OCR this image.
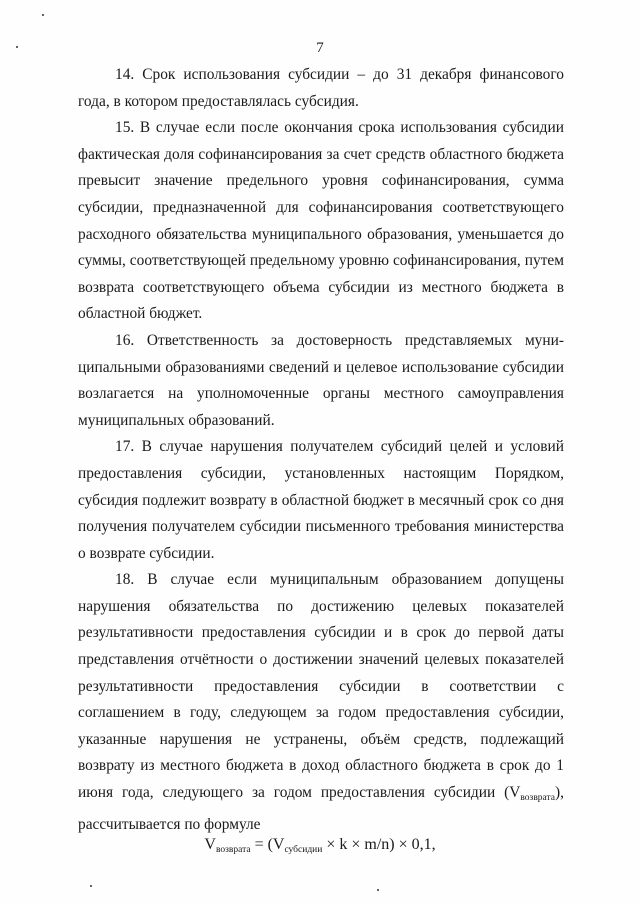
7

14. Срок использования субсидии – до 31 декабря финансового года, в котором предоставлялась субсидия.

15. В случае если после окончания срока использования субсидии фактическая доля софинансирования за счет средств областного бюджета превысит значение предельного уровня софинансирования, сумма субсидии, предназначенной для софинансирования соответствующего расходного обязательства муниципального образования, уменьшается до суммы, соответствующей предельному уровню софинансирования, путем возврата соответствующего объема субсидии из местного бюджета в областной бюджет.

16. Ответственность за достоверность представляемых муниципальными образованиями сведений и целевое использование субсидии возлагается на уполномоченные органы местного самоуправления муниципальных образований.

17. В случае нарушения получателем субсидий целей и условий предоставления субсидии, установленных настоящим Порядком, субсидия подлежит возврату в областной бюджет в месячный срок со дня получения получателем субсидии письменного требования министерства о возврате субсидии.

18. В случае если муниципальным образованием допущены нарушения обязательства по достижению целевых показателей результативности предоставления субсидии и в срок до первой даты представления отчётности о достижении значений целевых показателей результативности предоставления субсидии в соответствии с соглашением в году, следующем за годом предоставления субсидии, указанные нарушения не устранены, объём средств, подлежащий возврату из местного бюджета в доход областного бюджета в срок до 1 июня года, следующего за годом предоставления субсидии $(V_{возврата})$, рассчитывается по формуле

$V_{возврата} = (V_{субсидии} \times k \times m/n) \times 0,1$,
